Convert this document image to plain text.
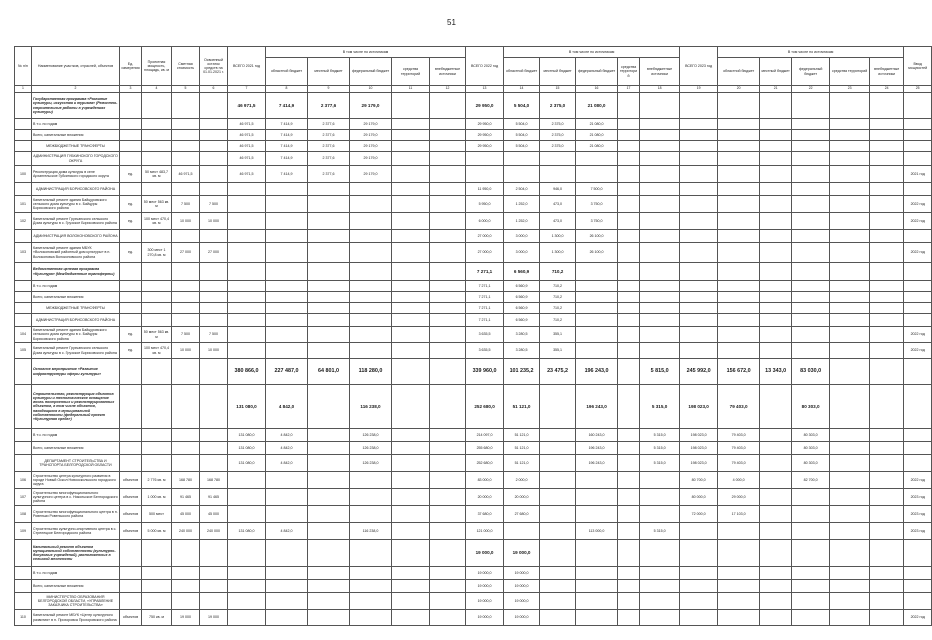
51
№ п/п	Наименование участков, отраслей, объектов	Ед. измерения	Проектная мощность, площадь, кв. м	Сметная стоимость	Освоенный остаток средств на 01.01.2021 г.	ВСЕГО 2021 год	В том числе по источникам					ВСЕГО 2022 год	В том числе по источникам					ВСЕГО 2023 год	В том числе по источникам					Ввод мощностей
							областной бюджет	местный бюджет	федеральный бюджет	средства территорий	внебюджетные источники		областной бюджет	местный бюджет	федеральный бюджет	средства территорий	внебюджетные источники		областной бюджет	местный бюджет	федеральный бюджет	средства территорий	внебюджетные источники	
1	2	3	4	5	6	7	8	9	10	11	12	13	14	15	16	17	18	19	20	21	22	23	24	25
	Государственная программа «Развитие культуры, искусства и туризма» (Ремонтно-строительные работы в учреждениях культуры)					46 971,5	7 414,9	2 377,6	29 179,0			29 950,0	5 504,0	2 375,0	21 080,0									
	В т.ч. по годам					46 971,5	7 414,9	2 377,6	29 179,0			29 950,0	5 504,0	2 375,0	21 080,0									
	Всего, капитальные вложения					46 971,5	7 414,9	2 377,6	29 179,0			29 950,0	5 504,0	2 375,0	21 080,0									
	МЕЖБЮДЖЕТНЫЕ ТРАНСФЕРТЫ					46 971,5	7 414,9	2 377,6	29 179,0			29 950,0	5 504,0	2 375,0	21 080,0									
	АДМИНИСТРАЦИЯ ГУБКИНСКОГО ГОРОДСКОГО ОКРУГА					46 971,5	7 414,9	2 377,6	29 179,0															
100	Реконструкция дома культуры в селе Архангельское Губкинского городского округа	ед.	50 мест 483,7 кв. м	46 971,5		46 971,5	7 414,9	2 377,6	29 179,0															2021 год
	АДМИНИСТРАЦИЯ БОРИСОВСКОГО РАЙОНА											11 950,0	2 504,0	946,0	7 500,0									
101	Капитальный ремонт здания Байцуровского сельского дома культуры в с. Байцуры Борисовского района	ед.	50 мест 563 кв. м	7 500	7 500							5 950,0	1 252,0	473,0	3 750,0									2022 год
102	Капитальный ремонт Грузчанского сельского Дома культуры в с. Грузское Борисовского района	ед.	100 мест 470,4 кв. м	10 000	10 000							6 000,0	1 252,0	473,0	3 750,0									2022 год
	АДМИНИСТРАЦИЯ ВОЛОКОНОВСКОГО РАЙОНА											27 000,0	3 000,0	1 300,0	26 100,0									
103	Капитальный ремонт здания МБУК «Волоконовский районный дом культуры» в п. Волоконовка Волоконовского района	ед.	300 мест 1 270,8 кв. м	27 000	27 000							27 000,0	3 000,0	1 300,0	26 100,0									2022 год
	Ведомственная целевая программа «Культура» (Межбюджетные трансферты)											7 271,1	6 560,9	710,2										
	В т.ч. по годам											7 271,1	6 560,9	710,2										
	Всего, капитальные вложения											7 271,1	6 560,9	710,2										
	МЕЖБЮДЖЕТНЫЕ ТРАНСФЕРТЫ											7 271,1	6 560,9	710,2										
	АДМИНИСТРАЦИЯ БОРИСОВСКОГО РАЙОНА											7 271,1	6 560,9	710,2										
104	Капитальный ремонт здания Байцуровского сельского дома культуры в с. Байцуры Борисовского района	ед.	50 мест 563 кв. м	7 500	7 500							3 635,5	3 280,5	355,1										2022 год
105	Капитальный ремонт Грузчанского сельского Дома культуры в с. Грузское Борисовского района	ед.	100 мест 470,4 кв. м	10 000	10 000							3 635,5	3 280,5	355,1										2022 год
	Основное мероприятие «Развитие инфраструктуры сферы культуры»					380 866,0	227 487,0	64 801,0	118 280,0			339 960,0	101 235,2	23 475,2	196 243,0		5 815,0	245 992,0	156 672,0	13 343,0	83 030,0			
	Строительство, реконструкция объектов культуры и технологическое оснащение вновь построенных и реконструированных объектов, в том числе объектов, находящихся в муниципальной собственности (федеральный проект «Культурная среда»)					131 080,0	4 842,0		116 238,0			252 680,0	51 121,0		196 243,0		5 315,0	198 023,0	79 403,0		80 303,0			
	В т.ч. по годам					131 080,0	4 842,0		126 238,0			214 097,0	51 121,0		160 243,0		5 315,0	198 023,0	79 403,0		80 303,0			
	Всего, капитальные вложения					131 080,0	4 842,0		126 238,0			255 680,0	51 121,0		196 243,0		5 315,0	198 023,0	79 403,0		80 303,0			
	ДЕПАРТАМЕНТ СТРОИТЕЛЬСТВА И ТРАНСПОРТА БЕЛГОРОДСКОЙ ОБЛАСТИ					131 080,0	4 842,0		126 238,0			252 680,0	51 121,0		196 243,0		5 315,0	198 023,0	79 403,0		80 303,0			
106	Строительство центра культурного развития в городе Новый Оскол Новооскольского городского округа	объектов	2 776 кв. м	168 780	168 780							83 000,0	2 000,0					80 700,0	4 000,0		82 700,0			2022 год
107	Строительство многофункционального культурного центра в с. Никольское Белгородского района	объектов	1 000 кв. м	91 465	91 465							20 000,0	20 000,0					80 000,0	29 000,0					2023 год
108	Строительство многофункционального центра в п. Ровеньки Ровеньского района	объектов	500 мест	45 000	45 000							37 680,0	27 680,0					72 000,0	17 103,0					2023 год
109	Строительство культурно-спортивного центра в с. Стрелецкое Белгородского района	объектов	5 000 кв. м	240 000	240 000	131 080,0	4 842,0		116 238,0			121 000,0			113 000,0		5 315,0							2023 год
	Капитальный ремонт объектов муниципальной собственности (культурно-досуговых учреждений), расположенных в сельской местности											19 000,0	19 000,0											
	В т.ч. по годам											19 000,0	19 000,0											
	Всего, капитальные вложения											19 000,0	19 000,0											
	МИНИСТЕРСТВО ОБРАЗОВАНИЯ БЕЛГОРОДСКОЙ ОБЛАСТИ, «УПРАВЛЕНИЕ ЗАКАЗЧИКА СТРОИТЕЛЬСТВА»											19 000,0	19 000,0											
110	Капитальный ремонт МБУК «Центр культурного развития» в п. Прохоровка Прохоровского района	объектов	750 кв. м	19 000	19 000							19 000,0	19 000,0											2022 год
